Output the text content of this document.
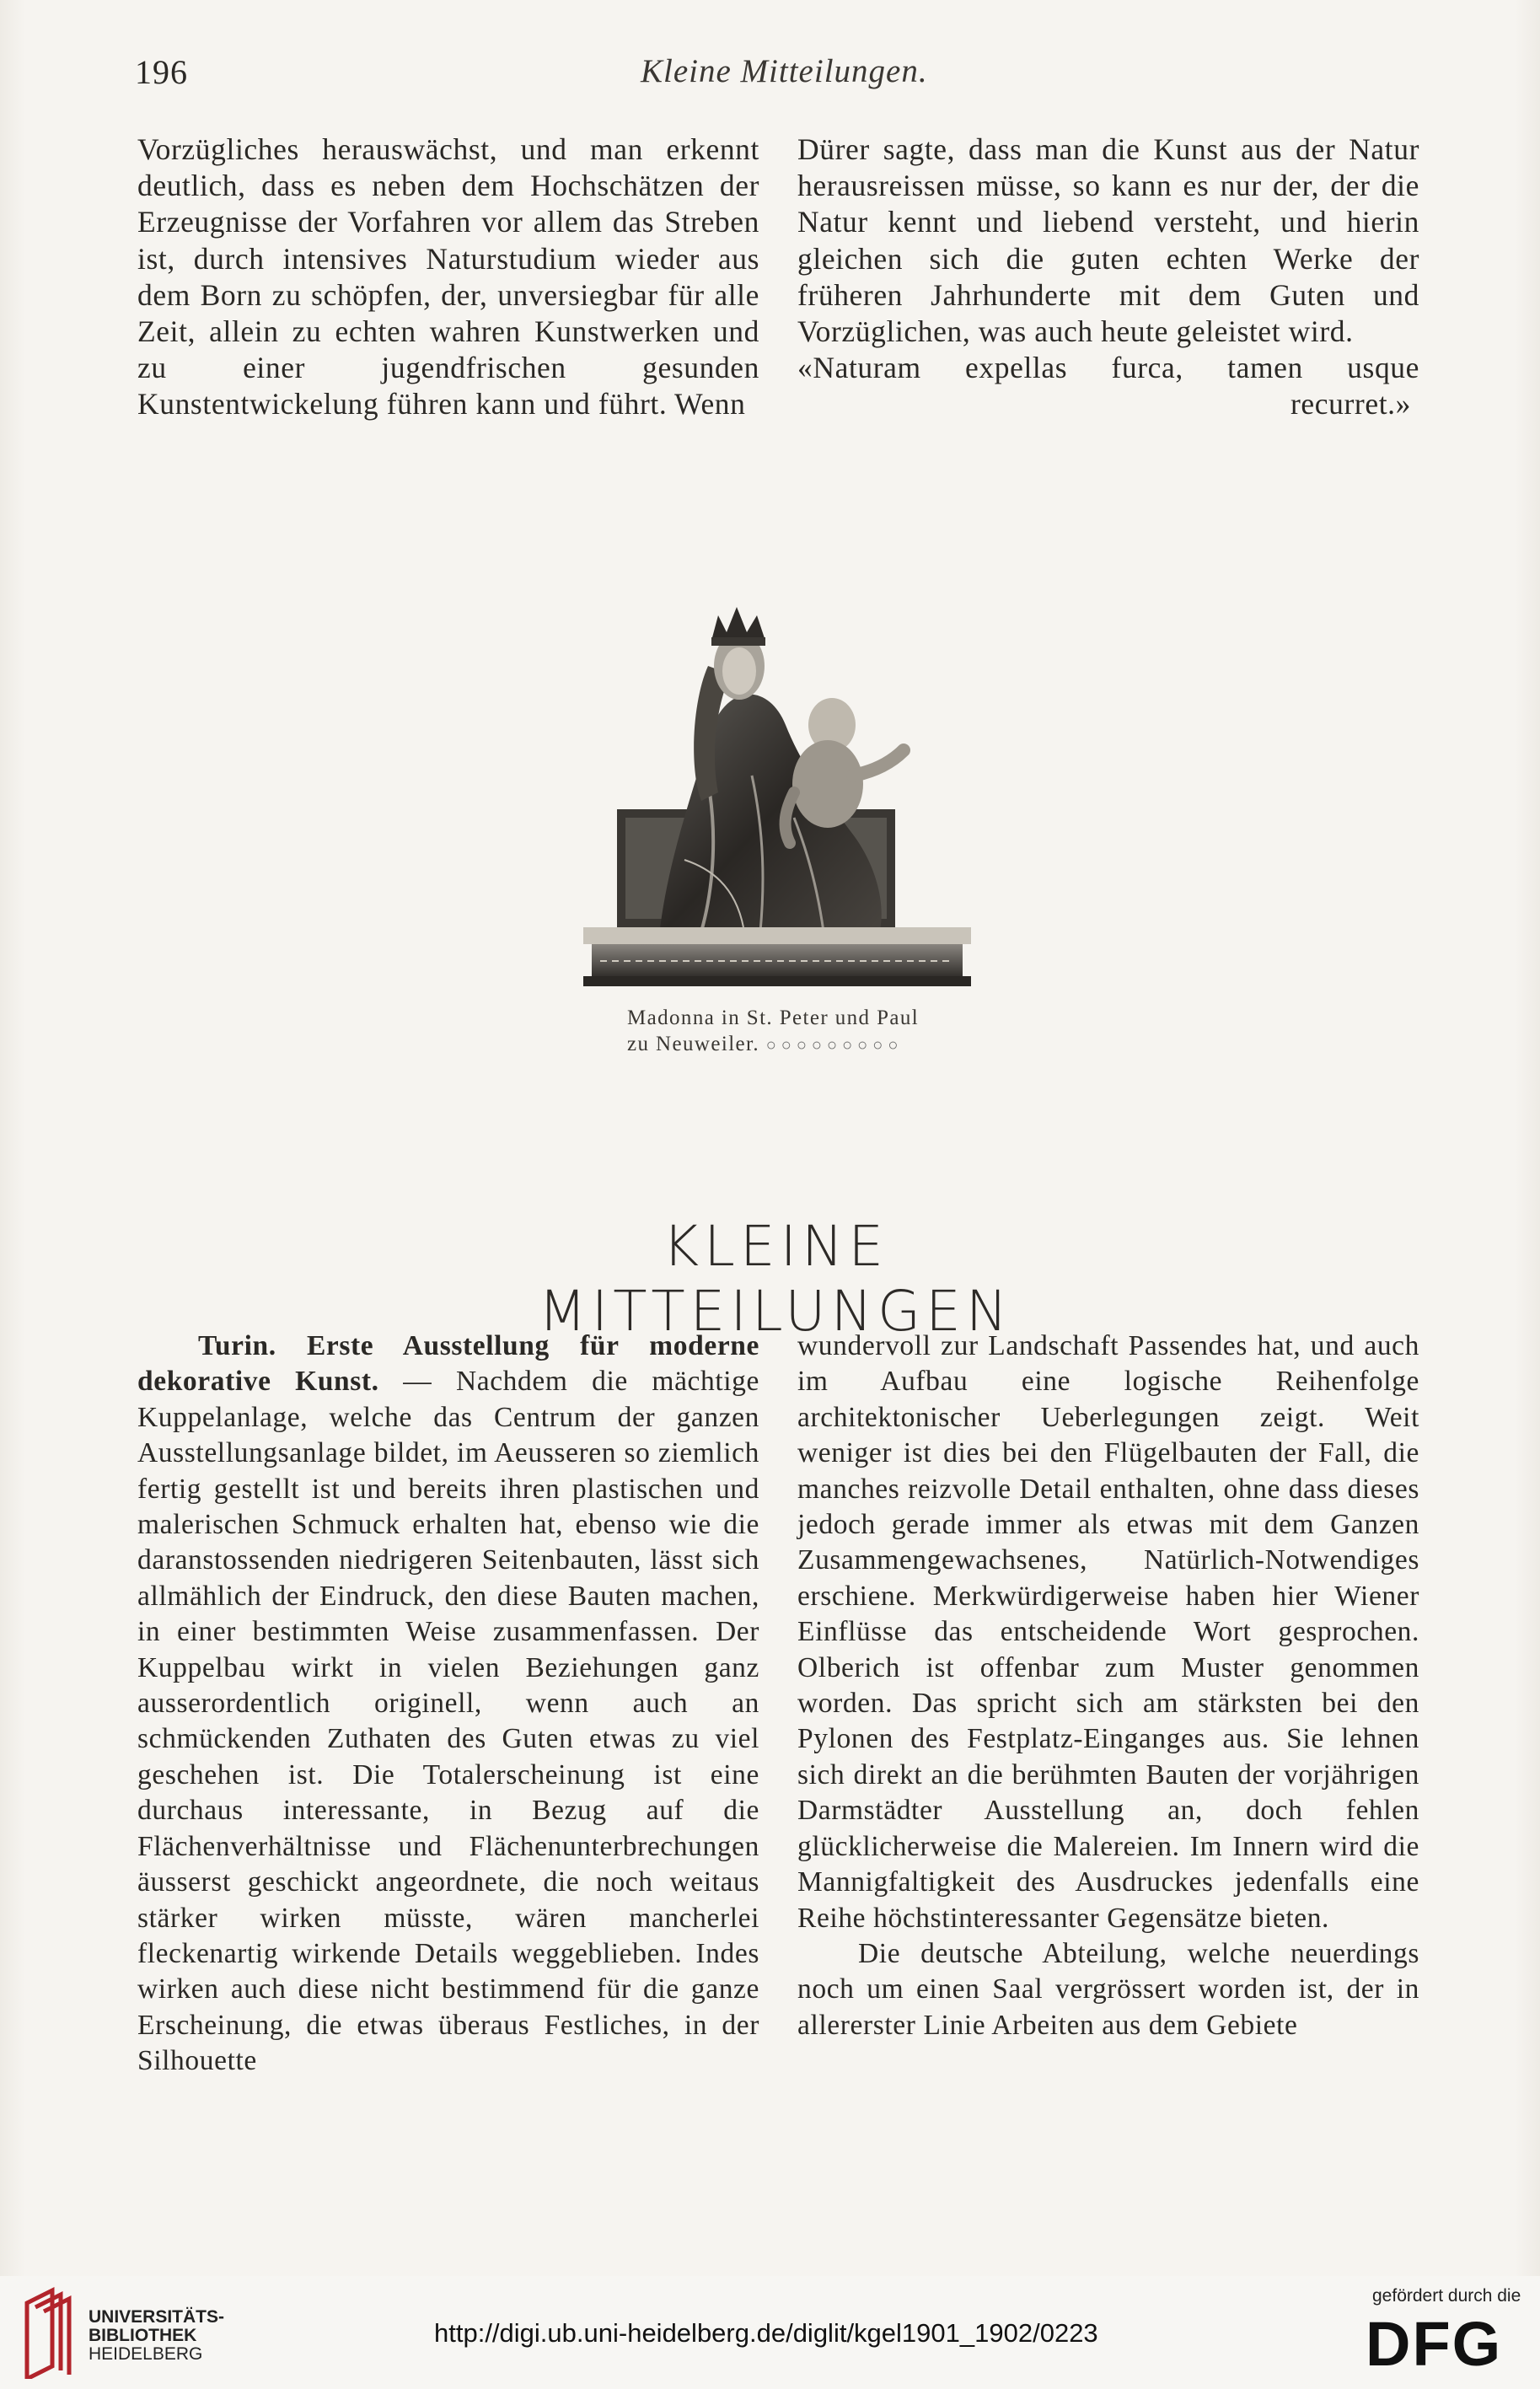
196	Kleine Mitteilungen.

Vorzügliches herauswächst, und man erkennt deutlich, dass es neben dem Hochschätzen der Erzeugnisse der Vorfahren vor allem das Streben ist, durch intensives Naturstudium wieder aus dem Born zu schöpfen, der, unversiegbar für alle Zeit, allein zu echten wahren Kunstwerken und zu einer jugendfrischen gesunden Kunstentwickelung führen kann und führt. Wenn

Dürer sagte, dass man die Kunst aus der Natur herausreissen müsse, so kann es nur der, der die Natur kennt und liebend versteht, und hierin gleichen sich die guten echten Werke der früheren Jahrhunderte mit dem Guten und Vorzüglichen, was auch heute geleistet wird.

«Naturam expellas furca, tamen usque

recurret.»

Madonna in St. Peter und Paul
zu Neuweiler. ○○○○○○○○○
KLEINE MITTEILUNGEN

Turin. Erste Ausstellung für moderne dekorative Kunst. — Nachdem die mächtige Kuppelanlage, welche das Centrum der ganzen Ausstellungsanlage bildet, im Aeusseren so ziemlich fertig gestellt ist und bereits ihren plastischen und malerischen Schmuck erhalten hat, ebenso wie die daranstossenden niedrigeren Seitenbauten, lässt sich allmählich der Eindruck, den diese Bauten machen, in einer bestimmten Weise zusammenfassen. Der Kuppelbau wirkt in vielen Beziehungen ganz ausserordentlich originell, wenn auch an schmückenden Zuthaten des Guten etwas zu viel geschehen ist. Die Totalerscheinung ist eine durchaus interessante, in Bezug auf die Flächenverhältnisse und Flächenunterbrechungen äusserst geschickt angeordnete, die noch weitaus stärker wirken müsste, wären mancherlei fleckenartig wirkende Details weggeblieben. Indes wirken auch diese nicht bestimmend für die ganze Erscheinung, die etwas überaus Festliches, in der Silhouette

wundervoll zur Landschaft Passendes hat, und auch im Aufbau eine logische Reihenfolge architektonischer Ueberlegungen zeigt. Weit weniger ist dies bei den Flügelbauten der Fall, die manches reizvolle Detail enthalten, ohne dass dieses jedoch gerade immer als etwas mit dem Ganzen Zusammengewachsenes, Natürlich-Notwendiges erschiene. Merkwürdigerweise haben hier Wiener Einflüsse das entscheidende Wort gesprochen. Olberich ist offenbar zum Muster genommen worden. Das spricht sich am stärksten bei den Pylonen des Festplatz-Einganges aus. Sie lehnen sich direkt an die berühmten Bauten der vorjährigen Darmstädter Ausstellung an, doch fehlen glücklicherweise die Malereien. Im Innern wird die Mannigfaltigkeit des Ausdruckes jedenfalls eine Reihe höchstinteressanter Gegensätze bieten.

Die deutsche Abteilung, welche neuerdings noch um einen Saal vergrössert worden ist, der in allererster Linie Arbeiten aus dem Gebiete

UNIVERSITÄTS-
BIBLIOTHEK
HEIDELBERG
http://digi.ub.uni-heidelberg.de/diglit/kgel1901_1902/0223
gefördert durch die
DFG
